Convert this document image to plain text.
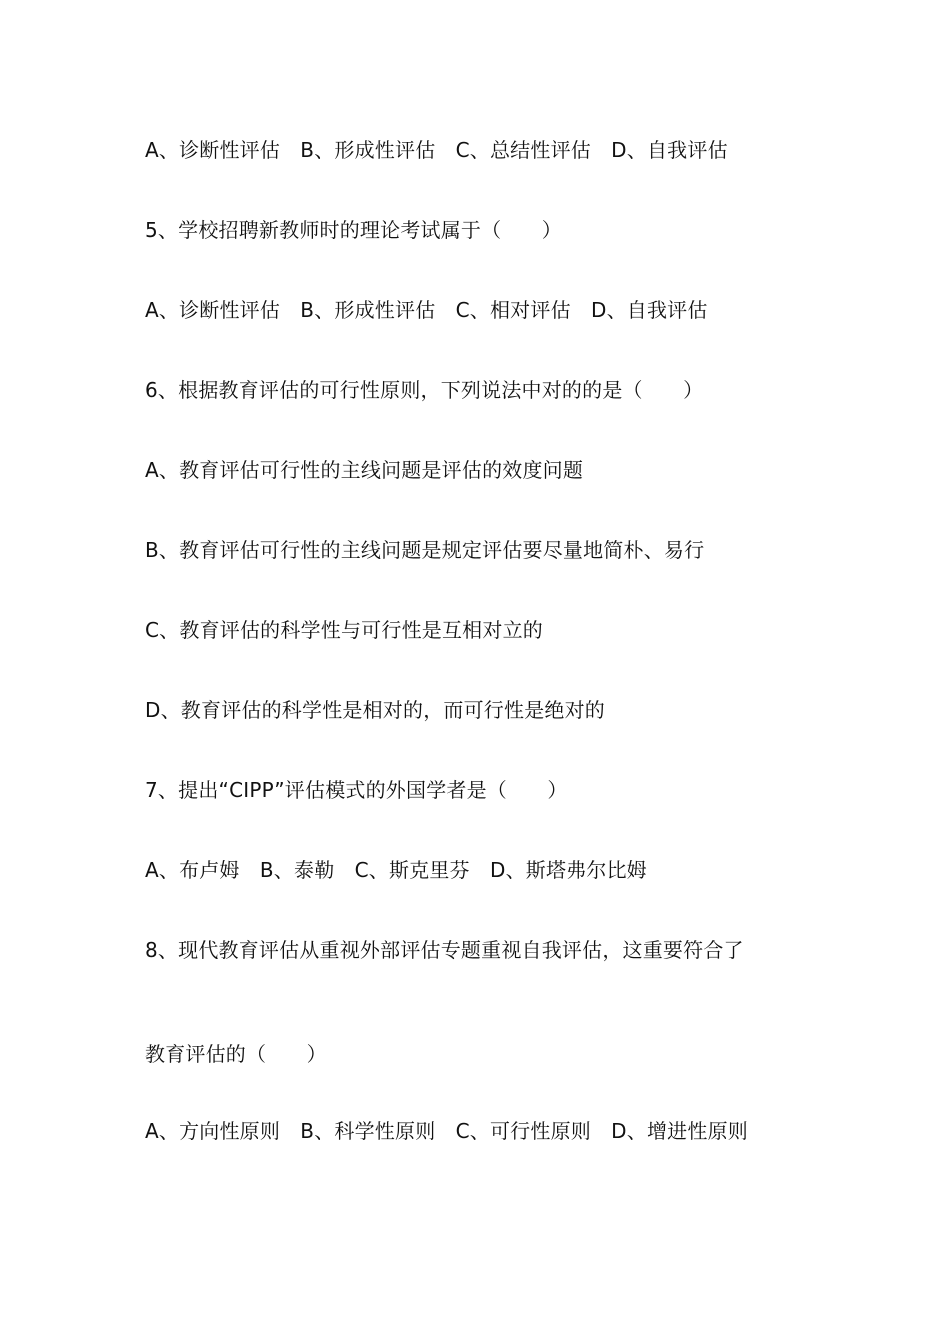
A、诊断性评估　B、形成性评估　C、总结性评估　D、自我评估
5、学校招聘新教师时的理论考试属于（　　）
A、诊断性评估　B、形成性评估　C、相对评估　D、自我评估
6、根据教育评估的可行性原则，下列说法中对的的是（　　）
A、教育评估可行性的主线问题是评估的效度问题
B、教育评估可行性的主线问题是规定评估要尽量地简朴、易行
C、教育评估的科学性与可行性是互相对立的
D、教育评估的科学性是相对的，而可行性是绝对的
7、提出“CIPP”评估模式的外国学者是（　　）
A、布卢姆　B、泰勒　C、斯克里芬　D、斯塔弗尔比姆
8、现代教育评估从重视外部评估专题重视自我评估，这重要符合了
教育评估的（　　）
A、方向性原则　B、科学性原则　C、可行性原则　D、增进性原则
